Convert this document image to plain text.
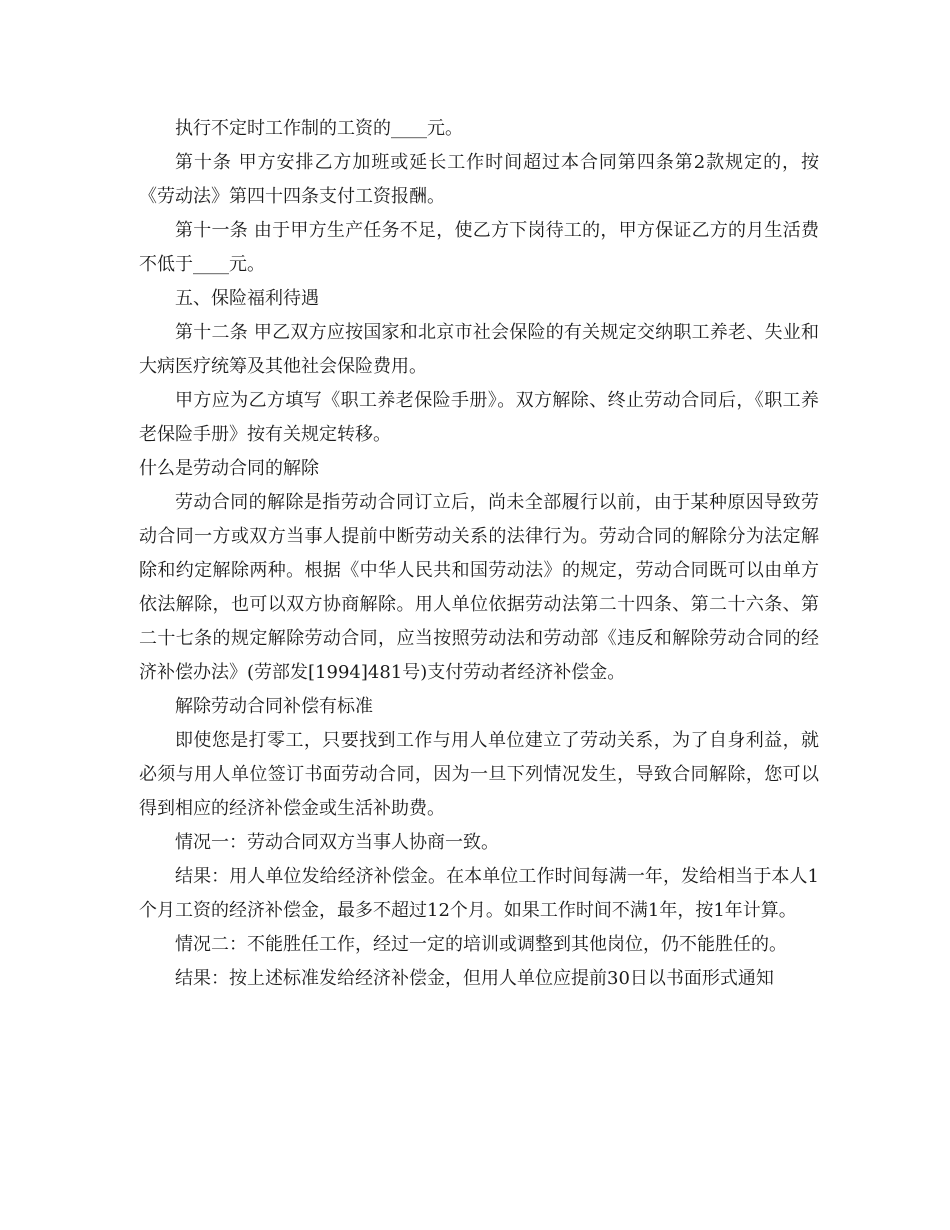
执行不定时工作制的工资的____元。

第十条 甲方安排乙方加班或延长工作时间超过本合同第四条第2款规定的，按《劳动法》第四十四条支付工资报酬。

第十一条 由于甲方生产任务不足，使乙方下岗待工的，甲方保证乙方的月生活费不低于____元。

五、保险福利待遇

第十二条 甲乙双方应按国家和北京市社会保险的有关规定交纳职工养老、失业和大病医疗统筹及其他社会保险费用。

甲方应为乙方填写《职工养老保险手册》。双方解除、终止劳动合同后，《职工养老保险手册》按有关规定转移。

什么是劳动合同的解除

劳动合同的解除是指劳动合同订立后，尚未全部履行以前，由于某种原因导致劳动合同一方或双方当事人提前中断劳动关系的法律行为。劳动合同的解除分为法定解除和约定解除两种。根据《中华人民共和国劳动法》的规定，劳动合同既可以由单方依法解除，也可以双方协商解除。用人单位依据劳动法第二十四条、第二十六条、第二十七条的规定解除劳动合同，应当按照劳动法和劳动部《违反和解除劳动合同的经济补偿办法》(劳部发[1994]481号)支付劳动者经济补偿金。

解除劳动合同补偿有标准

即使您是打零工，只要找到工作与用人单位建立了劳动关系，为了自身利益，就必须与用人单位签订书面劳动合同，因为一旦下列情况发生，导致合同解除，您可以得到相应的经济补偿金或生活补助费。

情况一：劳动合同双方当事人协商一致。

结果：用人单位发给经济补偿金。在本单位工作时间每满一年，发给相当于本人1个月工资的经济补偿金，最多不超过12个月。如果工作时间不满1年，按1年计算。

情况二：不能胜任工作，经过一定的培训或调整到其他岗位，仍不能胜任的。

结果：按上述标准发给经济补偿金，但用人单位应提前30日以书面形式通知
